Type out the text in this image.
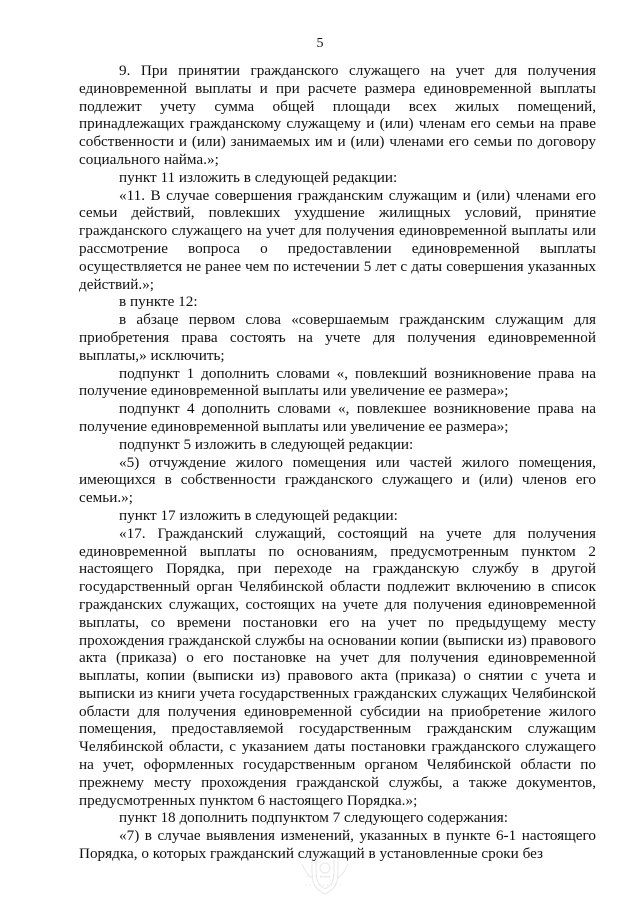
5

9. При принятии гражданского служащего на учет для получения единовременной выплаты и при расчете размера единовременной выплаты подлежит учету сумма общей площади всех жилых помещений, принадлежащих гражданскому служащему и (или) членам его семьи на праве собственности и (или) занимаемых им и (или) членами его семьи по договору социального найма.»;

пункт 11 изложить в следующей редакции:

«11. В случае совершения гражданским служащим и (или) членами его семьи действий, повлекших ухудшение жилищных условий, принятие гражданского служащего на учет для получения единовременной выплаты или рассмотрение вопроса о предоставлении единовременной выплаты осуществляется не ранее чем по истечении 5 лет с даты совершения указанных действий.»;

в пункте 12:

в абзаце первом слова «совершаемым гражданским служащим для приобретения права состоять на учете для получения единовременной выплаты,» исключить;

подпункт 1 дополнить словами «, повлекший возникновение права на получение единовременной выплаты или увеличение ее размера»;

подпункт 4 дополнить словами «, повлекшее возникновение права на получение единовременной выплаты или увеличение ее размера»;

подпункт 5 изложить в следующей редакции:

«5) отчуждение жилого помещения или частей жилого помещения, имеющихся в собственности гражданского служащего и (или) членов его семьи.»;

пункт 17 изложить в следующей редакции:

«17. Гражданский служащий, состоящий на учете для получения единовременной выплаты по основаниям, предусмотренным пунктом 2 настоящего Порядка, при переходе на гражданскую службу в другой государственный орган Челябинской области подлежит включению в список гражданских служащих, состоящих на учете для получения единовременной выплаты, со времени постановки его на учет по предыдущему месту прохождения гражданской службы на основании копии (выписки из) правового акта (приказа) о его постановке на учет для получения единовременной выплаты, копии (выписки из) правового акта (приказа) о снятии с учета и выписки из книги учета государственных гражданских служащих Челябинской области для получения единовременной субсидии на приобретение жилого помещения, предоставляемой государственным гражданским служащим Челябинской области, с указанием даты постановки гражданского служащего на учет, оформленных государственным органом Челябинской области по прежнему месту прохождения гражданской службы, а также документов, предусмотренных пунктом 6 настоящего Порядка.»;

пункт 18 дополнить подпунктом 7 следующего содержания:

«7) в случае выявления изменений, указанных в пункте 6-1 настоящего Порядка, о которых гражданский служащий в установленные сроки без

· · · · · · · ·
· · · · · · · · ·
